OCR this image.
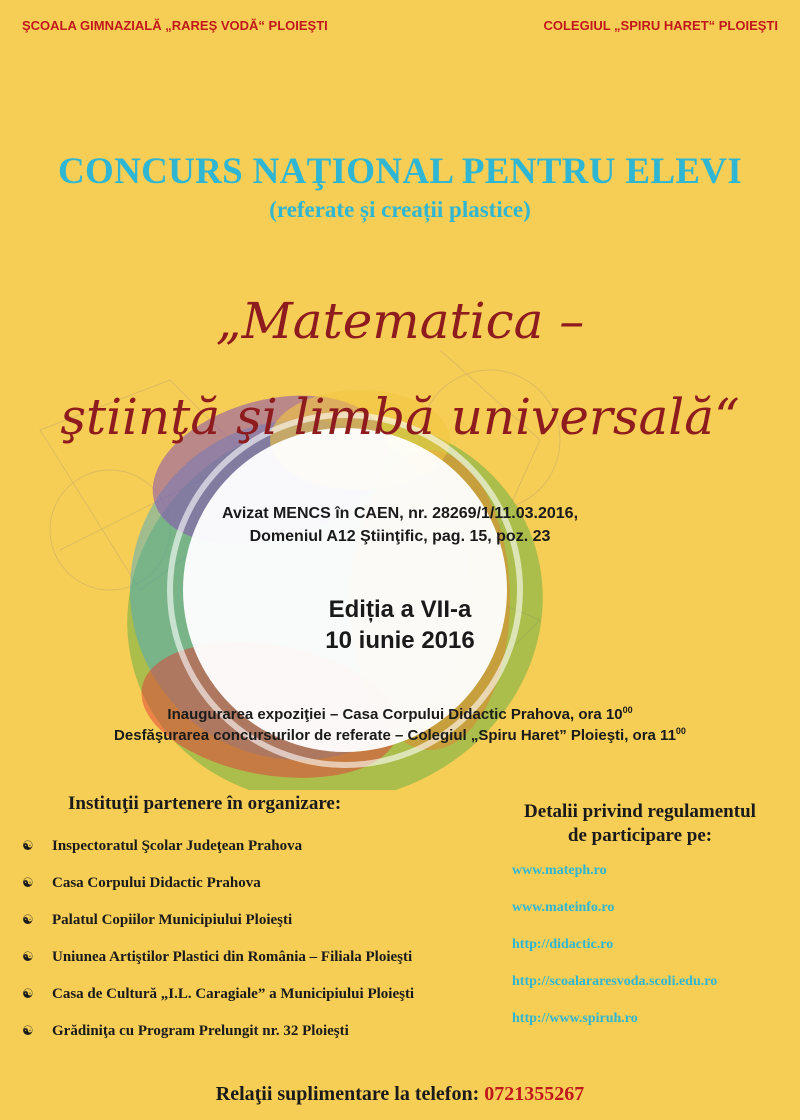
ŞCOALA GIMNAZIALĂ „RAREŞ VODĂ“ PLOIEŞTI	COLEGIUL „SPIRU HARET“ PLOIEŞTI
CONCURS NAŢIONAL PENTRU ELEVI
(referate și creații plastice)
„Matematica –
ştiinţă şi limbă universală“
Avizat MENCS în CAEN, nr. 28269/1/11.03.2016,
Domeniul A12 Ştiinţific, pag. 15, poz. 23
Ediția a VII-a
10 iunie 2016
Inaugurarea expoziţiei – Casa Corpului Didactic Prahova, ora $10^{00}$
Desfăşurarea concursurilor de referate – Colegiul „Spiru Haret” Ploieşti, ora $11^{00}$
Instituţii partenere în organizare:
☯ Inspectoratul Şcolar Judeţean Prahova
☯ Casa Corpului Didactic Prahova
☯ Palatul Copiilor Municipiului Ploieşti
☯ Uniunea Artiştilor Plastici din România – Filiala Ploieşti
☯ Casa de Cultură „I.L. Caragiale” a Municipiului Ploieşti
☯ Grădiniţa cu Program Prelungit nr. 32 Ploieşti
Detalii privind regulamentul
de participare pe:
www.mateph.ro
www.mateinfo.ro
http://didactic.ro
http://scoalararesvoda.scoli.edu.ro
http://www.spiruh.ro
Relaţii suplimentare la telefon: 0721355267
